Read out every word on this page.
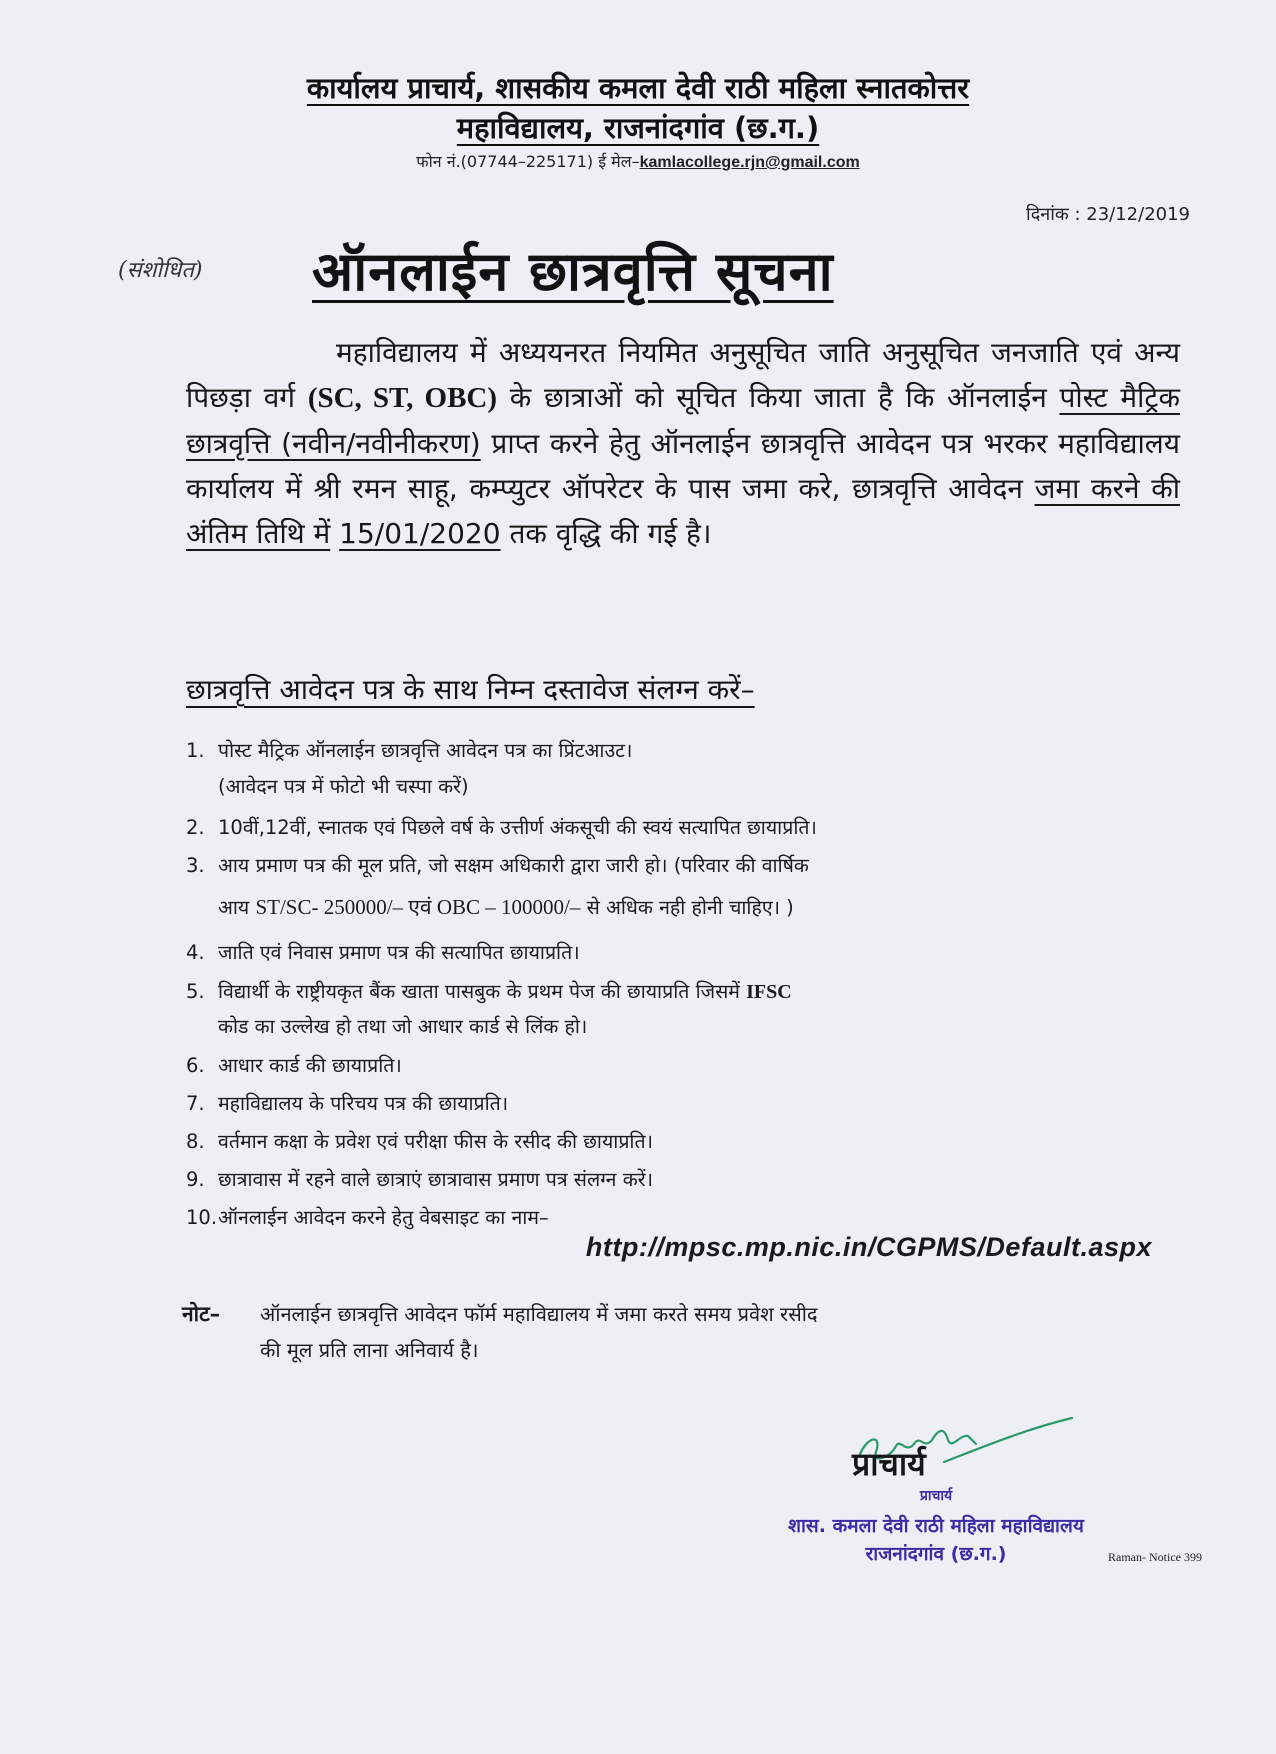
कार्यालय प्राचार्य, शासकीय कमला देवी राठी महिला स्नातकोत्तर
महाविद्यालय, राजनांदगांव (छ.ग.)
फोन नं.(07744–225171) ई मेल–kamlacollege.rjn@gmail.com
दिनांक : 23/12/2019
(संशोधित) ऑनलाईन छात्रवृत्ति सूचना
महाविद्यालय में अध्ययनरत नियमित अनुसूचित जाति अनुसूचित जनजाति एवं अन्य पिछड़ा वर्ग (SC, ST, OBC) के छात्राओं को सूचित किया जाता है कि ऑनलाईन पोस्ट मैट्रिक छात्रवृत्ति (नवीन/नवीनीकरण) प्राप्त करने हेतु ऑनलाईन छात्रवृत्ति आवेदन पत्र भरकर महाविद्यालय कार्यालय में श्री रमन साहू, कम्प्युटर ऑपरेटर के पास जमा करे, छात्रवृत्ति आवेदन जमा करने की अंतिम तिथि में 15/01/2020 तक वृद्धि की गई है।
छात्रवृत्ति आवेदन पत्र के साथ निम्न दस्तावेज संलग्न करें–
1. पोस्ट मैट्रिक ऑनलाईन छात्रवृत्ति आवेदन पत्र का प्रिंटआउट।
(आवेदन पत्र में फोटो भी चस्पा करें)
2. 10वीं,12वीं, स्नातक एवं पिछले वर्ष के उत्तीर्ण अंकसूची की स्वयं सत्यापित छायाप्रति।
3. आय प्रमाण पत्र की मूल प्रति, जो सक्षम अधिकारी द्वारा जारी हो। (परिवार की वार्षिक
आय ST/SC- 250000/– एवं OBC – 100000/– से अधिक नही होनी चाहिए। )
4. जाति एवं निवास प्रमाण पत्र की सत्यापित छायाप्रति।
5. विद्यार्थी के राष्ट्रीयकृत बैंक खाता पासबुक के प्रथम पेज की छायाप्रति जिसमें IFSC
कोड का उल्लेख हो तथा जो आधार कार्ड से लिंक हो।
6. आधार कार्ड की छायाप्रति।
7. महाविद्यालय के परिचय पत्र की छायाप्रति।
8. वर्तमान कक्षा के प्रवेश एवं परीक्षा फीस के रसीद की छायाप्रति।
9. छात्रावास में रहने वाले छात्राएं छात्रावास प्रमाण पत्र संलग्न करें।
10.ऑनलाईन आवेदन करने हेतु वेबसाइट का नाम–
http://mpsc.mp.nic.in/CGPMS/Default.aspx
नोट– ऑनलाईन छात्रवृत्ति आवेदन फॉर्म महाविद्यालय में जमा करते समय प्रवेश रसीद
की मूल प्रति लाना अनिवार्य है।
प्राचार्य
प्राचार्य
शास. कमला देवी राठी महिला महाविद्यालय
राजनांदगांव (छ.ग.)	Raman- Notice 399
